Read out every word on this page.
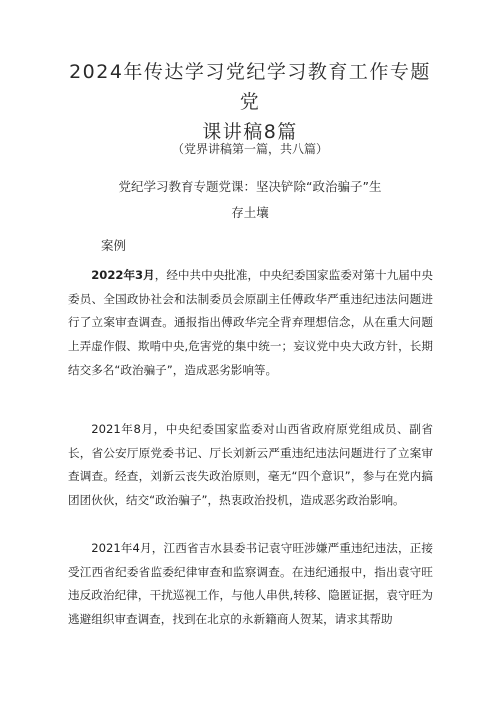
2024年传达学习党纪学习教育工作专题党
课讲稿8篇
（党界讲稿第一篇，共八篇）
党纪学习教育专题党课：坚决铲除“政治骗子”生
存土壤
案例

2022年3月，经中共中央批准，中央纪委国家监委对第十九届中央委员、全国政协社会和法制委员会原副主任傅政华严重违纪违法问题进行了立案审查调查。通报指出傅政华完全背弃理想信念，从在重大问题上弄虚作假、欺啃中央,危害党的集中统一；妄议党中央大政方针，长期结交多名“政治骗子”，造成恶劣影响等。

2021年8月，中央纪委国家监委对山西省政府原党组成员、副省长，省公安厅原党委书记、厅长刘新云严重违纪违法问题进行了立案审查调查。经查，刘新云丧失政治原则，毫无“四个意识”，参与在党内搞团团伙伙，结交“政治骗子”，热衷政治投机，造成恶劣政治影响。

2021年4月，江西省吉水县委书记袁守旺涉嫌严重违纪违法，正接受江西省纪委省监委纪律审查和监察调查。在违纪通报中，指出袁守旺违反政治纪律，干扰巡视工作，与他人串供,转移、隐匿证据，袁守旺为逃避组织审查调查，找到在北京的永新籍商人贺某，请求其帮助
